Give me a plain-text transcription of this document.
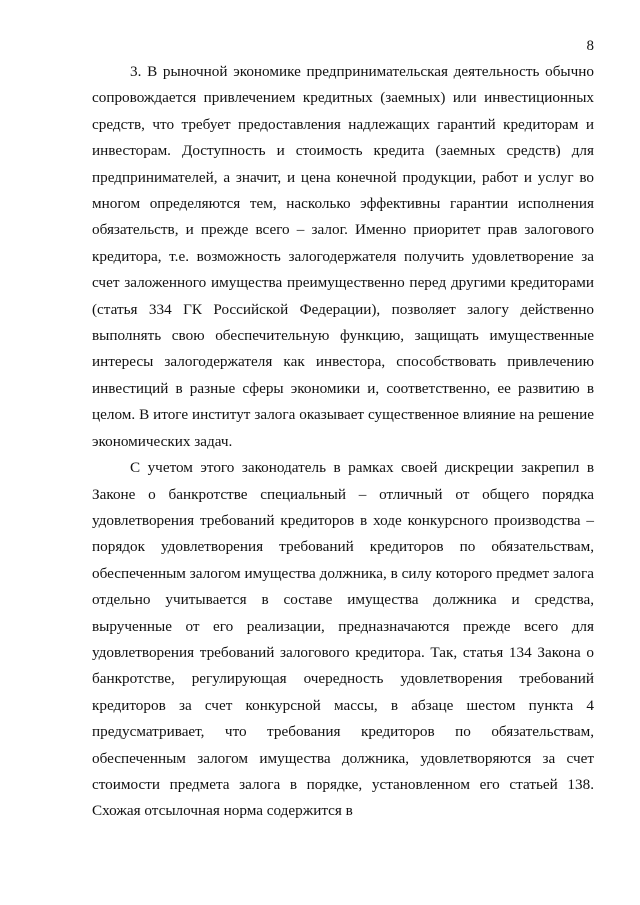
8

3. В рыночной экономике предпринимательская деятельность обычно сопровождается привлечением кредитных (заемных) или инвестиционных средств, что требует предоставления надлежащих гарантий кредиторам и инвесторам. Доступность и стоимость кредита (заемных средств) для предпринимателей, а значит, и цена конечной продукции, работ и услуг во многом определяются тем, насколько эффективны гарантии исполнения обязательств, и прежде всего – залог. Именно приоритет прав залогового кредитора, т.е. возможность залогодержателя получить удовлетворение за счет заложенного имущества преимущественно перед другими кредиторами (статья 334 ГК Российской Федерации), позволяет залогу действенно выполнять свою обеспечительную функцию, защищать имущественные интересы залогодержателя как инвестора, способствовать привлечению инвестиций в разные сферы экономики и, соответственно, ее развитию в целом. В итоге институт залога оказывает существенное влияние на решение экономических задач.

С учетом этого законодатель в рамках своей дискреции закрепил в Законе о банкротстве специальный – отличный от общего порядка удовлетворения требований кредиторов в ходе конкурсного производства – порядок удовлетворения требований кредиторов по обязательствам, обеспеченным залогом имущества должника, в силу которого предмет залога отдельно учитывается в составе имущества должника и средства, вырученные от его реализации, предназначаются прежде всего для удовлетворения требований залогового кредитора. Так, статья 134 Закона о банкротстве, регулирующая очередность удовлетворения требований кредиторов за счет конкурсной массы, в абзаце шестом пункта 4 предусматривает, что требования кредиторов по обязательствам, обеспеченным залогом имущества должника, удовлетворяются за счет стоимости предмета залога в порядке, установленном его статьей 138. Схожая отсылочная норма содержится в
